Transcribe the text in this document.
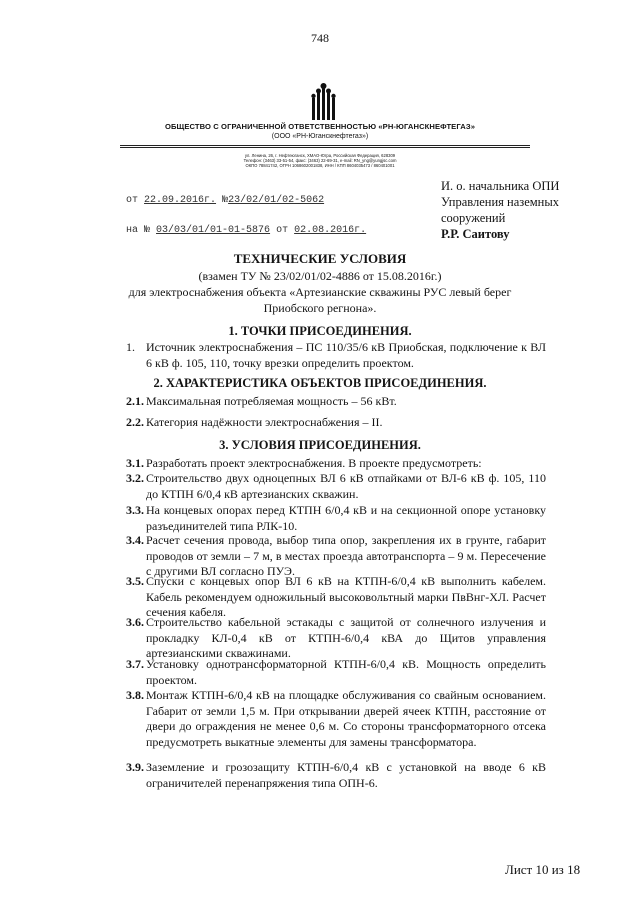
748
ОБЩЕСТВО С ОГРАНИЧЕННОЙ ОТВЕТСТВЕННОСТЬЮ «РН-ЮГАНСКНЕФТЕГАЗ»
(ООО «РН-Юганскнефтегаз»)
ул. Ленина, 26, г. Нефтеюганск, ХМАО-Югра, Российская Федерация, 628309
Телефон: (3463) 33-51-54, факс: (3463) 22-69-31, e-mail: RN_yng@yungjsc.com
ОКПО 78841742, ОГРН 1068602001838, ИНН / КПП 8604035473 / 860401001
от 22.09.2016г. №23/02/01/02-5062
на № 03/03/01/01-01-5876 от 02.08.2016г.
И. о. начальника ОПИ
Управления наземных
сооружений
Р.Р. Саитову
ТЕХНИЧЕСКИЕ УСЛОВИЯ
(взамен ТУ № 23/02/01/02-4886 от 15.08.2016г.)
для электроснабжения объекта «Артезианские скважины РУС левый берег
Приобского регнона».
1. ТОЧКИ ПРИСОЕДИНЕНИЯ.
1. Источник электроснабжения – ПС 110/35/6 кВ Приобская, подключение к ВЛ 6 кВ ф. 105, 110, точку врезки определить проектом.
2. ХАРАКТЕРИСТИКА ОБЪЕКТОВ ПРИСОЕДИНЕНИЯ.
2.1. Максимальная потребляемая мощность – 56 кВт.
2.2. Категория надёжности электроснабжения – II.
3. УСЛОВИЯ ПРИСОЕДИНЕНИЯ.
3.1. Разработать проект электроснабжения. В проекте предусмотреть:
3.2. Строительство двух одноцепных ВЛ 6 кВ отпайками от ВЛ-6 кВ ф. 105, 110 до КТПН 6/0,4 кВ артезианских скважин.
3.3. На концевых опорах перед КТПН 6/0,4 кВ и на секционной опоре установку разъединителей типа РЛК-10.
3.4. Расчет сечения провода, выбор типа опор, закрепления их в грунте, габарит проводов от земли – 7 м, в местах проезда автотранспорта – 9 м. Пересечение с другими ВЛ согласно ПУЭ.
3.5. Спуски с концевых опор ВЛ 6 кВ на КТПН-6/0,4 кВ выполнить кабелем. Кабель рекомендуем одножильный высоковольтный марки ПвВнг-ХЛ. Расчет сечения кабеля.
3.6. Строительство кабельной эстакады с защитой от солнечного излучения и прокладку КЛ-0,4 кВ от КТПН-6/0,4 кВА до Щитов управления артезианскими скважинами.
3.7. Установку однотрансформаторной КТПН-6/0,4 кВ. Мощность определить проектом.
3.8. Монтаж КТПН-6/0,4 кВ на площадке обслуживания со свайным основанием. Габарит от земли 1,5 м. При открывании дверей ячеек КТПН, расстояние от двери до ограждения не менее 0,6 м. Со стороны трансформаторного отсека предусмотреть выкатные элементы для замены трансформатора.
3.9. Заземление и грозозащиту КТПН-6/0,4 кВ с установкой на вводе 6 кВ ограничителей перенапряжения типа ОПН-6.
Лист 10 из 18
